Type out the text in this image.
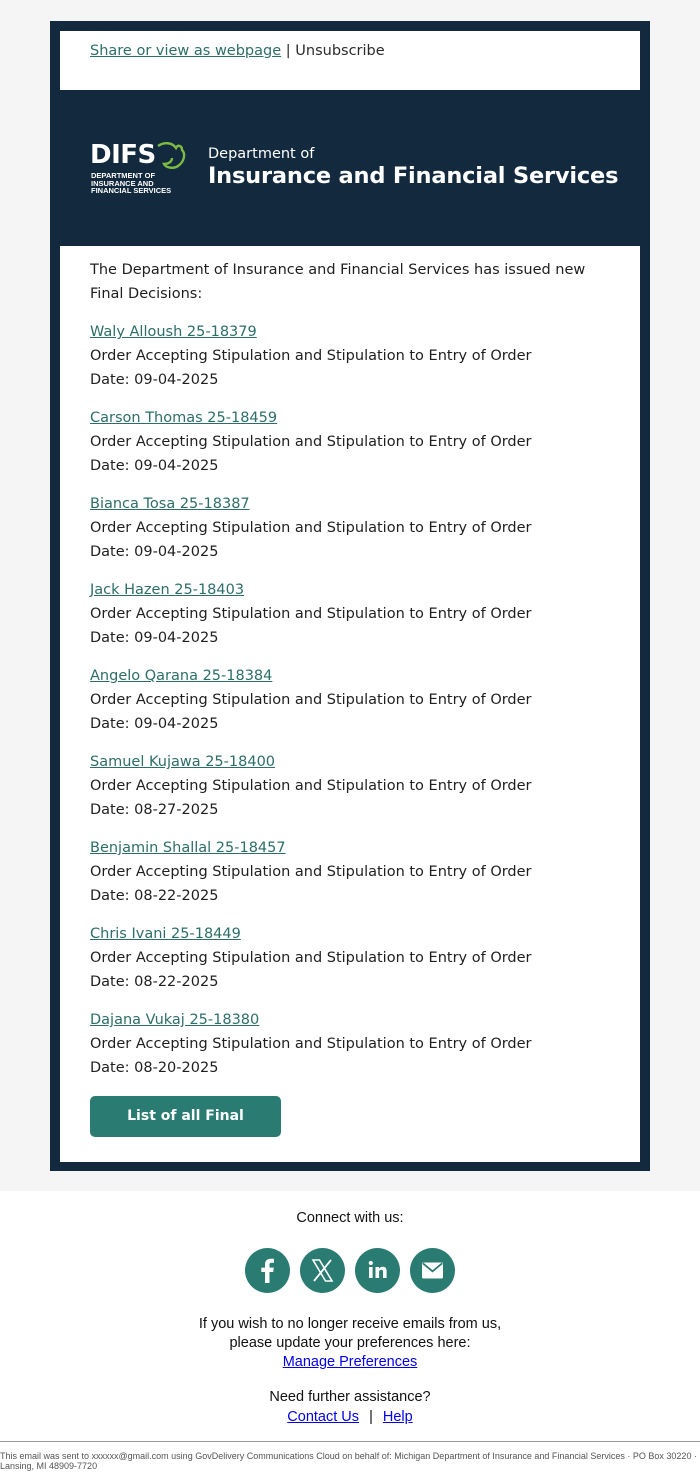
Share or view as webpage | Unsubscribe
DIFS
DEPARTMENT OF INSURANCE AND FINANCIAL SERVICES
Department of
Insurance and Financial Services

The Department of Insurance and Financial Services has issued new Final Decisions:

Waly Alloush 25-18379
Order Accepting Stipulation and Stipulation to Entry of Order
Date: 09-04-2025
Carson Thomas 25-18459
Order Accepting Stipulation and Stipulation to Entry of Order
Date: 09-04-2025
Bianca Tosa 25-18387
Order Accepting Stipulation and Stipulation to Entry of Order
Date: 09-04-2025
Jack Hazen 25-18403
Order Accepting Stipulation and Stipulation to Entry of Order
Date: 09-04-2025
Angelo Qarana 25-18384
Order Accepting Stipulation and Stipulation to Entry of Order
Date: 09-04-2025
Samuel Kujawa 25-18400
Order Accepting Stipulation and Stipulation to Entry of Order
Date: 08-27-2025
Benjamin Shallal 25-18457
Order Accepting Stipulation and Stipulation to Entry of Order
Date: 08-22-2025
Chris Ivani 25-18449
Order Accepting Stipulation and Stipulation to Entry of Order
Date: 08-22-2025
Dajana Vukaj 25-18380
Order Accepting Stipulation and Stipulation to Entry of Order
Date: 08-20-2025
List of all Final Decisions
Connect with us:
If you wish to no longer receive emails from us,
please update your preferences here:
Manage Preferences
Need further assistance?
Contact Us | Help
This email was sent to xxxxxx@gmail.com using GovDelivery Communications Cloud on behalf of: Michigan Department of Insurance and Financial Services · PO Box 30220 · Lansing, MI 48909-7720
